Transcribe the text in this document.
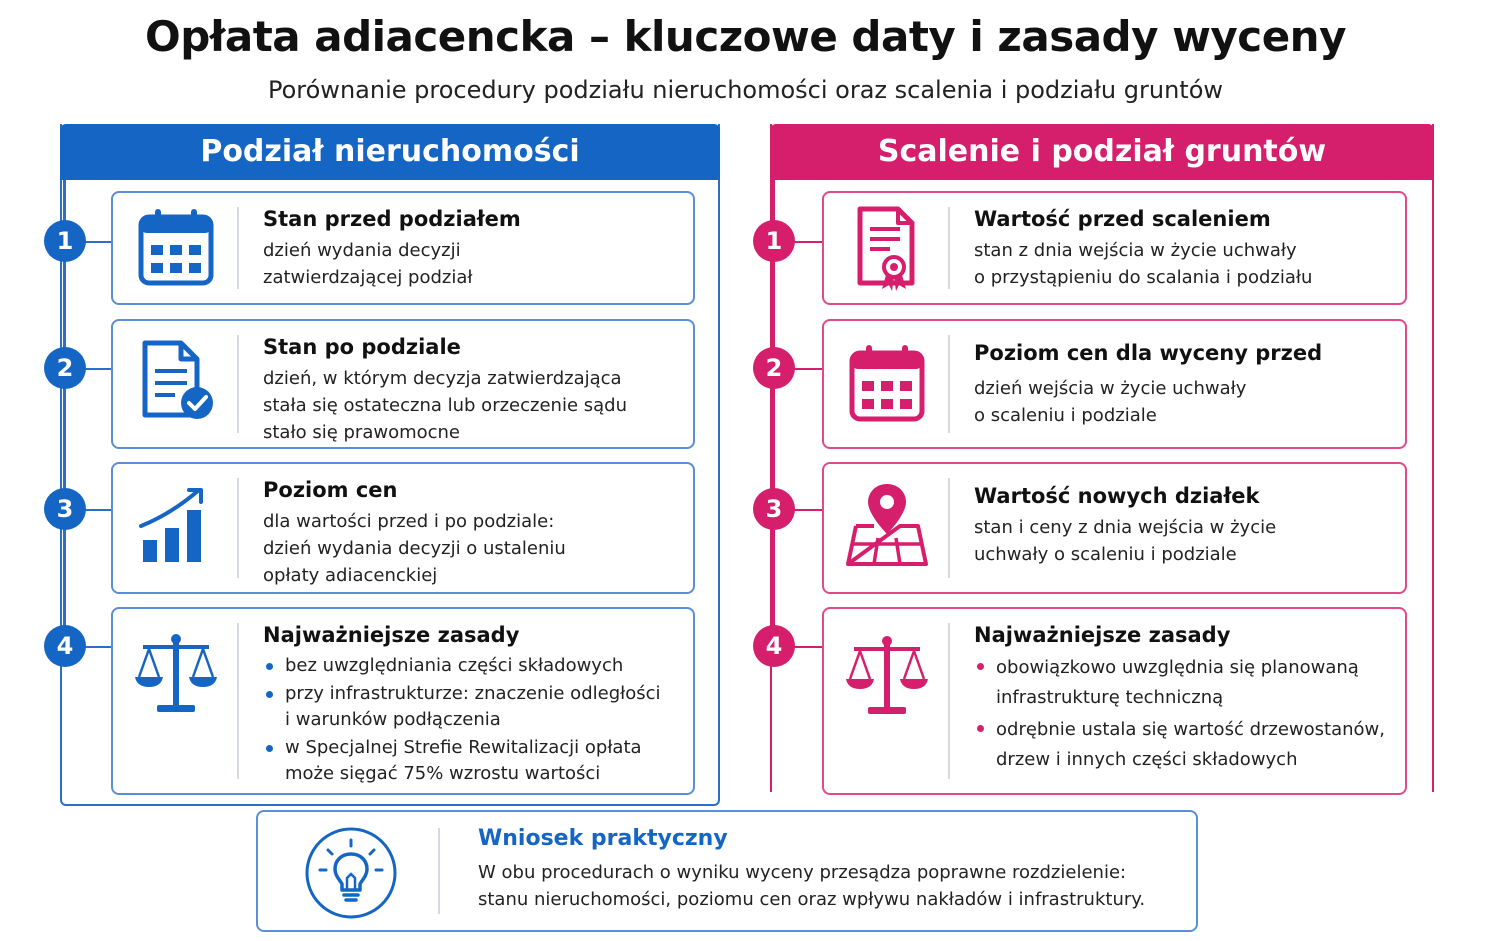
Opłata adiacencka – kluczowe daty i zasady wyceny
Porównanie procedury podziału nieruchomości oraz scalenia i podziału gruntów
Podział nieruchomości	Scalenie i podział gruntów
1
2
3
4
1
2
3
4
Stan przed podziałem

dzień wydania decyzji
zatwierdzającej podział

Stan po podziale

dzień, w którym decyzja zatwierdzająca
stała się ostateczna lub orzeczenie sądu
stało się prawomocne

Poziom cen

dla wartości przed i po podziale:
dzień wydania decyzji o ustaleniu
opłaty adiacenckiej

Najważniejsze zasady
bez uwzględniania części składowych
przy infrastrukturze: znaczenie odległości
i warunków podłączenia
w Specjalnej Strefie Rewitalizacji opłata
może sięgać 75% wzrostu wartości
Wartość przed scaleniem

stan z dnia wejścia w życie uchwały
o przystąpieniu do scalania i podziału

Poziom cen dla wyceny przed

dzień wejścia w życie uchwały
o scaleniu i podziale

Wartość nowych działek

stan i ceny z dnia wejścia w życie
uchwały o scaleniu i podziale

Najważniejsze zasady
obowiązkowo uwzględnia się planowaną
infrastrukturę techniczną
odrębnie ustala się wartość drzewostanów,
drzew i innych części składowych
Wniosek praktyczny

W obu procedurach o wyniku wyceny przesądza poprawne rozdzielenie:
stanu nieruchomości, poziomu cen oraz wpływu nakładów i infrastruktury.
